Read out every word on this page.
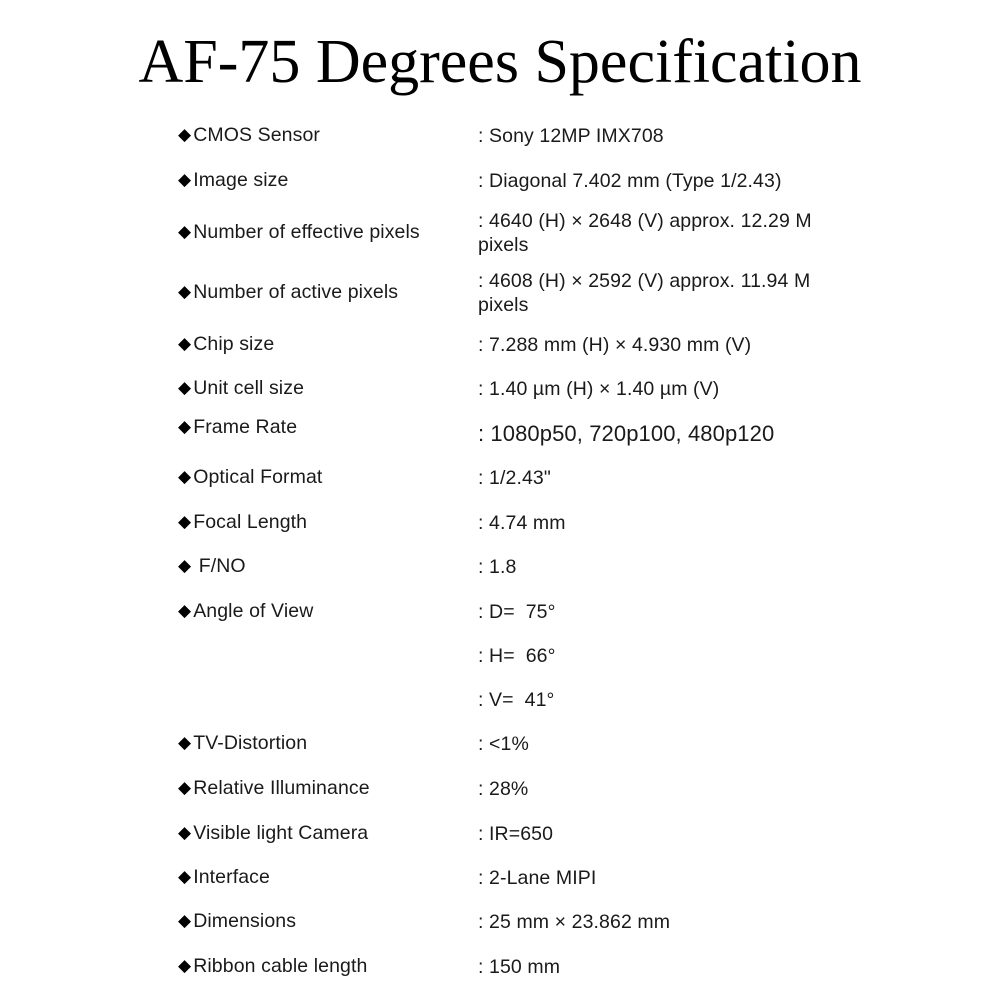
AF-75 Degrees Specification
◆ CMOS Sensor	: Sony 12MP IMX708
◆ Image size	: Diagonal 7.402 mm (Type 1/2.43)
◆ Number of effective pixels	: 4640 (H) × 2648 (V) approx. 12.29 M pixels
◆ Number of active pixels	: 4608 (H) × 2592 (V) approx. 11.94 M pixels
◆ Chip size	: 7.288 mm (H) × 4.930 mm (V)
◆ Unit cell size	: 1.40 µm (H) × 1.40 µm (V)
◆ Frame Rate	: 1080p50, 720p100, 480p120
◆ Optical Format	: 1/2.43"
◆ Focal Length	: 4.74 mm
◆ F/NO	: 1.8
◆ Angle of View	: D=  75°
: H=  66°
: V=  41°
◆ TV-Distortion	: <1%
◆ Relative Illuminance	: 28%
◆ Visible light Camera	: IR=650
◆ Interface	: 2-Lane MIPI
◆ Dimensions	: 25 mm × 23.862 mm
◆ Ribbon cable length	: 150 mm
